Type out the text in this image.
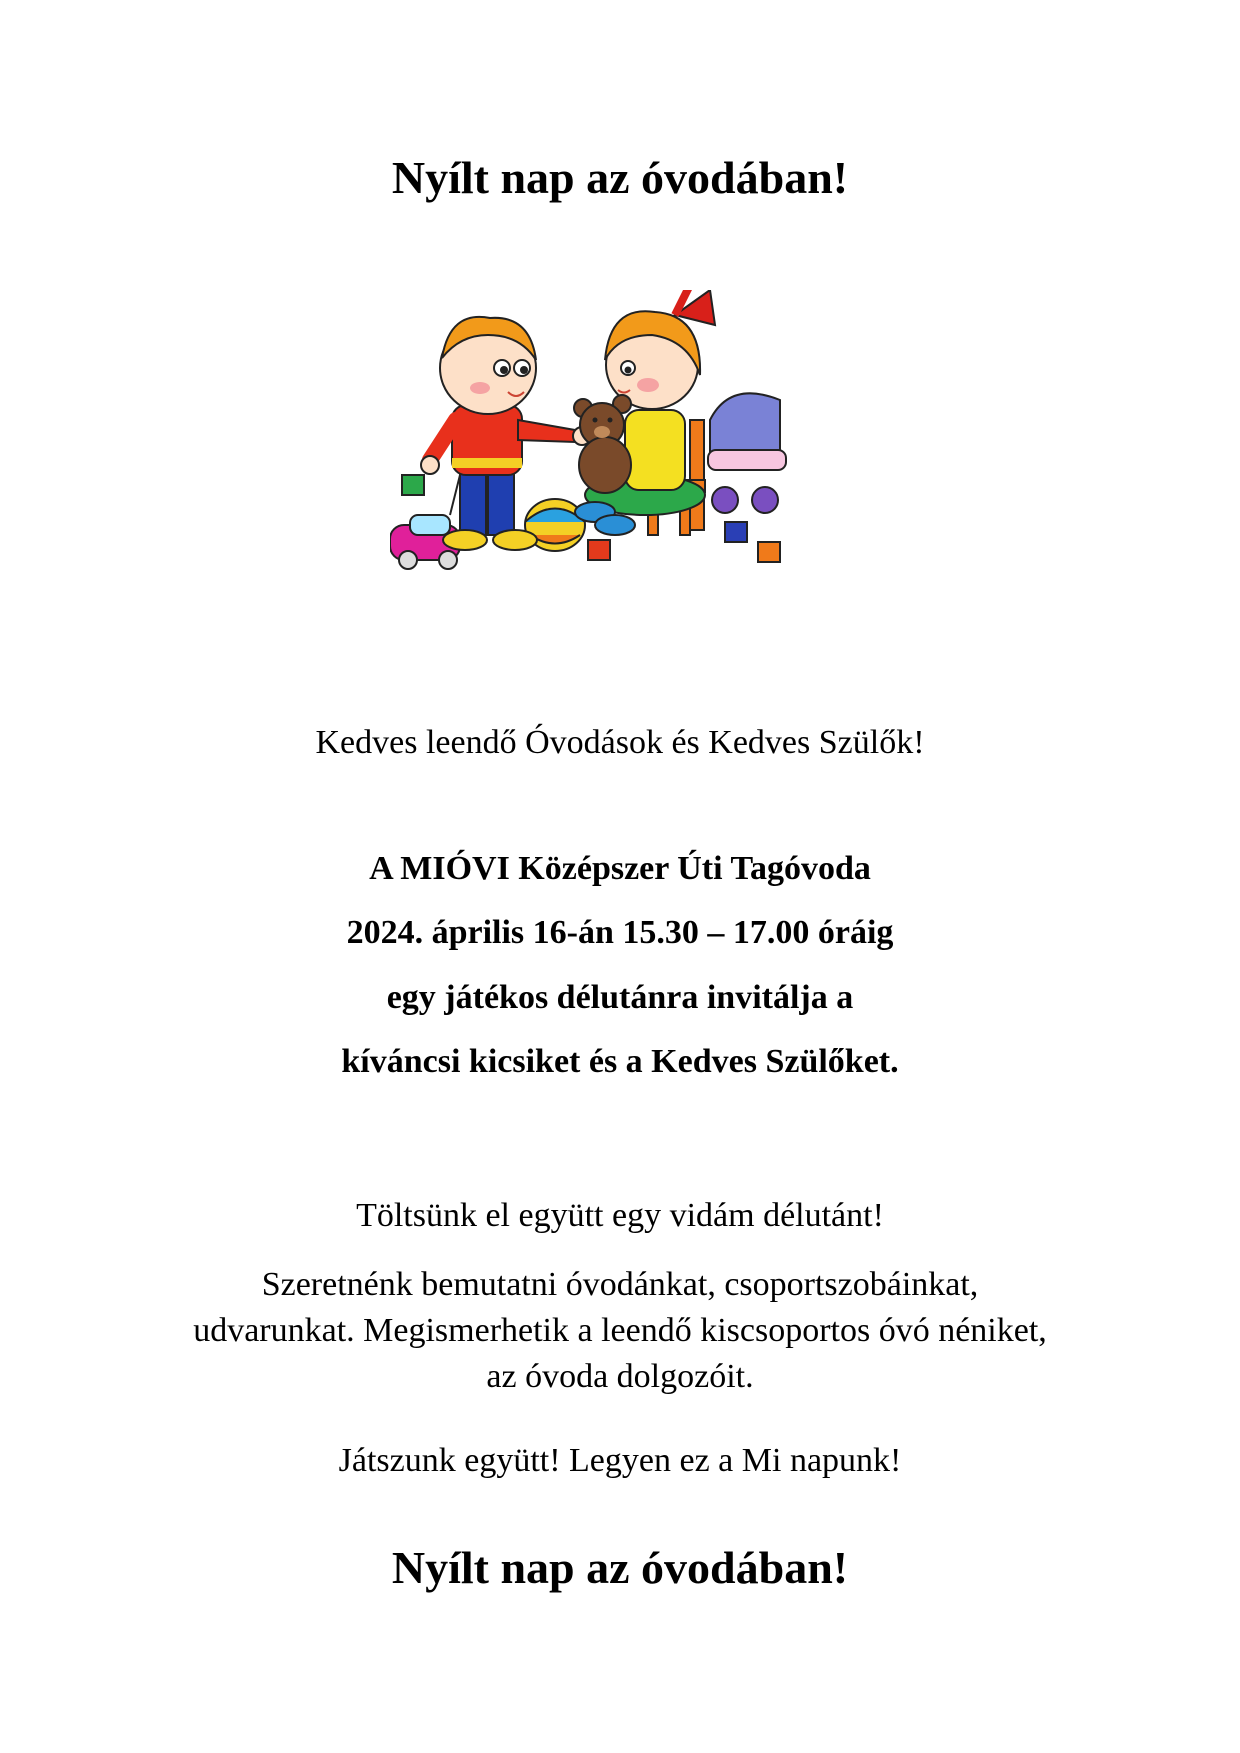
Nyílt nap az óvodában!
Kedves leendő Óvodások és Kedves Szülők!
A MIÓVI Középszer Úti Tagóvoda
2024. április 16-án 15.30 – 17.00 óráig
egy játékos délutánra invitálja a
kíváncsi kicsiket és a Kedves Szülőket.
Töltsünk el együtt egy vidám délutánt!
Szeretnénk bemutatni óvodánkat, csoportszobáinkat,
udvarunkat. Megismerhetik a leendő kiscsoportos óvó néniket,
az óvoda dolgozóit.
Játszunk együtt! Legyen ez a Mi napunk!
Nyílt nap az óvodában!
